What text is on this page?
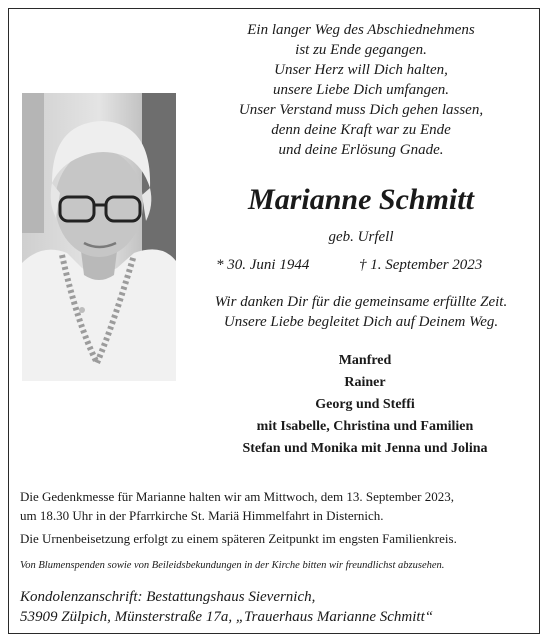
Ein langer Weg des Abschiednehmens
ist zu Ende gegangen.
Unser Herz will Dich halten,
unsere Liebe Dich umfangen.
Unser Verstand muss Dich gehen lassen,
denn deine Kraft war zu Ende
und deine Erlösung Gnade.
Marianne Schmitt
geb. Urfell
* 30. Juni 1944	† 1. September 2023
Wir danken Dir für die gemeinsame erfüllte Zeit.
Unsere Liebe begleitet Dich auf Deinem Weg.
Manfred
Rainer
Georg und Steffi
mit Isabelle, Christina und Familien
Stefan und Monika mit Jenna und Jolina
Die Gedenkmesse für Marianne halten wir am Mittwoch, dem 13. September 2023,
um 18.30 Uhr in der Pfarrkirche St. Mariä Himmelfahrt in Disternich.
Die Urnenbeisetzung erfolgt zu einem späteren Zeitpunkt im engsten Familienkreis.
Von Blumenspenden sowie von Beileidsbekundungen in der Kirche bitten wir freundlichst abzusehen.
Kondolenzanschrift: Bestattungshaus Sievernich,
53909 Zülpich, Münsterstraße 17a, „Trauerhaus Marianne Schmitt“
